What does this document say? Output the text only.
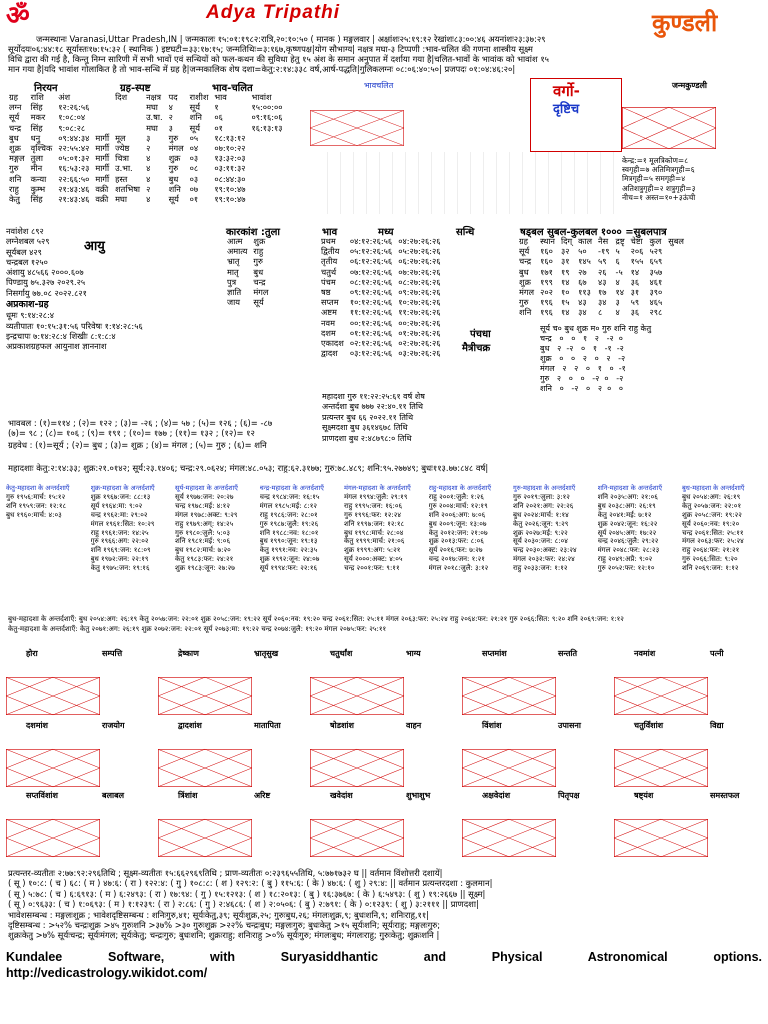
ॐ	Adya Tripathi	कुण्डली
जन्मस्थानः Varanasi,Uttar Pradesh,IN | जन्मकालः १५:०१:१९८२:रात्रि,२०:१०:५० ( मानक ) मङ्गलवार | अक्षांशः२५:१९:१२ रेखांशः८३:००:४६ अयनांशः२३:३७:२९
सूर्योदयः०६:४४:१८ सूर्यास्तः१७:१५:३२ ( स्थानिक ) इष्टघटी=३३:१७:१५; जन्मतिथिः=३:१६७,कृष्णपक्ष|योग सौभाग्य| नक्षत्र मघा-३ टिप्पणी :भाव-चलित की गणना शास्त्रीय सूक्ष्म
विधि द्वारा की गई है, किन्तु निम्न सारिणी में सभी भावों एवं सन्धियों को फल-कथन की सुविधा हेतु १५ अंश के समान अनुपात में दर्शाया गया है|चलित-भावों के भावांक को भावांश १५
मान गया है|यदि भावांश गोलाकित है तो भाव-सन्धि में ग्रह है|जन्मकालिक शेष दशा=केतु:२:१४:३३८ वर्ष,आर्ष-पद्धति|गुलिकलग्नः ०८:०६:४०:५०| प्रजपदः ०१:०४:४६:२०|
निरयन	ग्रह-स्पष्ट	भाव-चलित
ग्रह	राशि	अंश		दिश	नक्षत्र	पद	राशीश	भाव	भावांश
लग्न	सिंह	१२:२६:५६			मघा	४	सूर्य	१	१५:००:००
सूर्य	मकर	१:०८:०४			उ.षा.	२	शनि	०६	०९:१६:०६
चन्द्र	सिंह	९:०८:२८			मघा	३	सूर्य	०१	१६:१३:१३
बुध	धनु	०९:४४:३४	मार्गी	मूल	३	गुरु	०५	१८:१३:१२	
शुक्र	वृश्चिक	२२:५५:४२	मार्गी	ज्येष्ठ	२	मंगल	०४	०७:१०:२२	
मङ्गल	तुला	०५:०१:३२	मार्गी	चित्रा	४	शुक्र	०३	१३:३२:०३	
गुरु	मीन	१६:५३:२३	मार्गी	उ.भा.	४	गुरु	०८	०३:११:३२	
शनि	कन्या	२२:६६:५०	मार्गी	हस्त	४	बुध	०३	०८:४४:३०	
राहु	कुम्भ	२१:४३:४६	वक्री	शतभिषा	२	शनि	०७	१९:१०:४७	
केतु	सिंह	२१:४३:४६	वक्री	मघा	४	सूर्य	०१	१९:१०:४७	
भावचलित	वर्गो-
दृष्टिच
जन्मकुण्डली
केन्द्र:=१ मूलत्रिकोण=८
स्वगृही=७ अतिमित्रगृही=६
मित्रगृही=५ समगृही=४
अतिशत्रुगृही=२ शत्रुगृही=३
नीच=१ अस्त=१०+३ऊंची
नवांशेश ८९२
लग्नेशबल ५२९
सूर्यबल ४२९
चन्द्रबल १२५०
अंशायु ४८५६६ २०००.६०७
पिण्डायु ७५.३२७ २०२९.२५
निसर्गायु ७७.०८ २०२२.८२१
आयु
कारकांश :तुला
आत्म	शुक्र
अमात्य	राहु
भ्रातृ	गुरु
मातृ	बुध
पुत्र	चन्द्र
ज्ञाति	मंगल
जाय	सूर्य
अप्रकाश-ग्रह
धूमः ९:१४:२८:४
व्यतीपातः १०:१५:३१:५६ परिवेषः १:१४:२८:५६
इन्द्रचापः ७:१४:२८:४ शिखीः ८:१:८:४
अप्रकाशग्रहफल आयुनाश ज्ञाननाश
भाव	मध्य	सन्धि
प्रथम	०४:१२:२६:५६	०४:२७:२६:२६
द्वितीय	०५:१२:२६:५६	०५:२७:२६:२६
तृतीय	०६:१२:२६:५६	०६:२७:२६:२६
चतुर्थ	०७:१२:२६:५६	०७:२७:२६:२६
पंचम	०८:१२:२६:५६	०८:२७:२६:२६
षष्ठ	०९:१२:२६:५६	०९:२७:२६:२६
सप्तम	१०:१२:२६:५६	१०:२७:२६:२६
अष्टम	११:१२:२६:५६	११:२७:२६:२६
नवम	००:१२:२६:५६	००:२७:२६:२६
दशम	०१:१२:२६:५६	०१:२७:२६:२६
एकादश	०२:१२:२६:५६	०२:२७:२६:२६
द्वादश	०३:१२:२६:५६	०३:२७:२६:२६
षड्बल सुबल-कुलबल १००० =सुबलपात्र
ग्रह	स्थान	दिग्	काल	नैस	द्रष्टृ	चेष्टा	कुल	सुबल
सूर्य	१६०	३२	५०	-१९	५	२०६	५२९	
चन्द्र	१६०	३१	१४५	५९	६	१५५	६५९	
बुध	१७१	१९	२७	२६	-५	१४	३५७	
शुक्र	१९९	१४	६७	४३	४	३६	४६१	
मंगल	२०२	१०	११३	१७	१४	३१	३९०	
गुरु	१९६	१५	४३	३४	३	५९	४६५	
शनि	१९६	१४	३४	८	४	३६	२९८	
पंचधा
मैत्रीचक्र
सूर्य च० बुध शुक्र म० गुरु शनि राहु केतु
चन्द्र   ०   ०   १   २   -२  ०
बुध   २  -२   ०   १   -१  -२
शुक्र   ०   ०   २   ०   २   -२
मंगल   २   २   ०   १   ०  -१
गुरु   २   ०   ०   -२  ०   -२
शनि   ०   -२   ०   २  ०   ०
महादशा गुरु ११:२२:२५:६१ वर्ष शेष
अन्तर्दशा बुध ७७७ २२:४०.११ तिथि
प्रत्यन्तर बुध ६६ २०२२.११ तिथि
सूक्ष्मदशा बुध ३६१४६७८ तिथि
प्राणदशा बुध २:४८७९८:० तिथि
भावबल : (१)=११४ ; (२)= १२२ ; (३)= -२६ ; (४)= ५७ ; (५)= १२६ ; (६)= -८७
(७)= ९८ ; (८)= १०६ ; (९)= १९१ ; (१०)= १७७ ; (११)= १३२ ; (१२)= १२
ग्रहवेध : (१)=सूर्य ; (२)= बुध ; (३)= शुक्र ; (४)= मंगल ; (५)= गुरु ; (६)= शनि
महादशाः केतु:२:१४:३३; शुक्र:२१.०१४२; सूर्य:२३.१४०६; चन्द्र:२९.०६२४; मंगल:४८.०५३; राहु:६२.३१७७; गुरु:७८.४८९; शनि:९५.२७७४९; बुधः११३.७७:८४८ वर्ष|
केतु-महादशा के अन्तर्दशाएँ
गुरु १९५६:मार्च: १५:१२
शनि १९५९:जन: १२:१८
बुध १९६०:मार्च: ४:०३
शुक्र-महादशा के अन्तर्दशाएँ
शुक्र १९६७:जन: ८८:१३
सूर्य १९६४:मा: ९:०२
चन्द्र १९६२:मा: २९:०२
मंगल १९६१:सित: १०:२९
राहु १९६१:जन: १४:२५
गुरु १९६६:अग: २२:०२
शनि १९६९:जन: १८:०९
बुध १९७२:जन: २२:१९
केतु १९७५:जन: १९:१६
सूर्य-महादशा के अन्तर्दशाएँ
सूर्य १९७७:जन: २०:२७
चन्द्र १९७८:मई: ४:१२
मंगल १९७८:अक्ट: ९:२९
राहु १९७९:अग्: १४:२५
गुरु १९८०:जुलै: ५:०३
शनि १९८१:मई: ९:०६
बुध १९८२:मार्च: ७:२०
केतु १९८३:फर: २४:२१
शुक्र १९८३:जून: २७:२७
चन्द्र-महादशा के अन्तर्दशाएँ
चन्द्र १९८४:जन: १६:१५
मंगल १९८५:मई: ८:१२
राहु १९८६:जन: २८:०१
गुरु १९८७:जुलै: १९:२६
शनि १९८८:नव: १८:०१
बुध १९९०:जून: १९:१३
केतु १९९१:नव: २२:३५
शुक्र १९९२:जून: २४:०७
सूर्य १९९४:फर: २२:१६
मंगल-महादशा के अन्तर्दशाएँ
मंगल १९९४:जुलै: २९:१९
राहु १९९५:जन: १६:०६
गुरु १९९६:फर: १२:२४
शनि १९९७:जन: १२:१८
बुध १९९८:मार्च: २८:०४
केतु १९९९:मार्च: २१:०६
शुक्र १९९९:अग: ५:२१
सूर्य २०००:अक्ट: ४:०५
चन्द्र २००१:फर: ९:११
राहु-महादशा के अन्तर्दशाएँ
राहु २००१:जुलै: १:२६
गुरु २००४:मार्च: १२:१९
शनि २००६:अग: ७:०६
बुध २००९:जून: १३:०७
केतु २०१२:जन: २१:०७
शुक्र २०१३:फर: ८:०६
सूर्य २०१६:फर: ७:२७
चन्द्र २०१७:जन: १:२१
मंगल २०१८:जुलै: ३:१२
गुरु-महादशा के अन्तर्दशाएँ
गुरु २०१९:जुला: ३:१२
शनि २०२१:अग: २२:२६
बुध २०२४:मार्च: १:१४
केतु २०२६:जून: ९:२९
शुक्र २०२७:मई: ९:२२
सूर्य २०३०:जन: ८:०४
चन्द्र २०३०:अक्ट: २३:२४
मंगल २०३२:फर: २४:२४
राहु २०३३:जन: १:१२
शनि-महादशा के अन्तर्दशाएँ
शनि २०३५:अग: २१:०६
बुध २०३८:अग: २६:१९
केतु २०४१:मई: ७:१२
शुक्र २०४२:जून: १६:२२
सूर्य २०४५:अग: १७:२२
चन्द्र २०४६:जुलै: २९:२२
मंगल २०४८:फर: २८:२३
राहु २०४९:अप्रै: ९:०२
गुरु २०५२:फर: १२:१०
बुध-महादशा के अन्तर्दशाएँ
बुध २०५४:अग: २६:१९
केतु २०५७:जन: २२:०१
शुक्र २०५८:जन: १९:२२
सूर्य २०६०:नव: १९:२०
चन्द्र २०६१:सित: २५:११
मंगल २०६३:फर: २५:२४
राहु २०६४:फर: २१:२१
गुरु २०६६:सित: ९:२०
शनि २०६९:जन: १:१२
बुध-महादशा के अन्तर्दशाएँ: बुध २०५४:अग: २६:१९ केतु २०५७:जन: २२:०१ शुक्र २०५८:जन: १९:२२ सूर्य २०६०:नव: १९:२० चन्द्र २०६१:सित: २५:११ मंगल २०६३:फर: २५:२४ राहु २०६४:फर: २१:२१ गुरु २०६६:सित: ९:२० शनि २०६९:जन: १:१२
केतु-महादशा के अन्तर्दशाएँ: केतु २०७१:अग: २६:१९ शुक्र २०७२:जन: २२:०१ सूर्य २०७३:मा: १९:२२ चन्द्र २०७४:जुलै: १९:२० मंगल २०७५:फर: २५:११
होरा	सम्पत्ति	द्रेष्काण	भ्रातृसुख	चतुर्थांश	भाग्य	सप्तमांश	सन्तति	नवमांश	पत्नी
दशमांश	राजयोग	द्वादशांश	मातापिता	षोडशांश	वाहन	विंशांश	उपासना	चतुर्विंशांश	विद्या
सप्तविंशांश	बलाबल	त्रिंशांश	अरिष्ट	खवेदांश	शुभाशुभ	अक्षवेदांश	पितृपक्ष	षष्ट्यंश	समस्तफल
प्रत्यन्तर-व्यतीतः २:७७:९२:२९६तिथि ; सूक्ष्म-व्यतीतः १५:६६२९६९तिथि ; प्राण-व्यतीतः ०:२३९६५५तिथि, ५:७७१७३२ घ || वर्तमान विंशोत्तरी दशायें|
( सू ) १०:८: ( च ) ६८: ( म ) ४७:६: ( रा ) १२२:४: ( गु ) १०८:८: ( श ) १२९:२: ( बु ) ११५:६: ( के ) ४७:६: ( शु ) २९:४: || वर्तमान प्रत्यन्तरदशा : कुलमान|
( सू ) ५:७८: ( च ) ६:६९१३: ( म ) ६:२४९३: ( रा ) १७:९४: ( गु ) १५:१२१३: ( श ) १८:२०१३: ( बु ) १६:३७६७: ( के ) ६:५४९३: ( शु ) १९:२६६७ || सूक्ष्म|
( सू ) ०:९६३३: ( च ) १:०६९३: ( म ) १:१२३९: ( रा ) २:८६: ( गु ) २:४६८६: ( श ) २:०५०६: ( बु ) २:७९१: ( के ) ०:१२३९: ( शु ) ३:२१११ || प्राणदशा|
भावेशसम्बन्ध : मङ्गलःशुक्र ; भावेशदृष्टिसम्बन्ध : शनिःगुरु,४१; सूर्यःकेतु,३९; सूर्यःशुक्र,२५; गुरुःबुध,२६; मंगलःशुक्र,९; बुधःशनि,९; शनिःराहु,११|
दृष्टिसम्बन्ध : >५२% चन्द्रःशुक्र >४५ गुरुःशनि >३७% >३० गुरुःशुक्र >२२% चन्द्रःबुध; मङ्गलःगुरु; बुधःकेतु >१५ सूर्यःशनि; सूर्यःराहु; मङ्गलःगुरु;
शुक्रःकेतु >७% सूर्यःचन्द्र; सूर्यःमंगल; सूर्यःकेतु; चन्द्रःगुरु; बुधःशनि; शुक्रःराहु; शनिःराहु >०% सूर्यःगुरु; मंगलःबुध; मंगलःराहु; गुरुःकेतु; शुक्रःशनि |
Kundalee Software, with Suryasiddhantic and Physical Astronomical options.
http://vedicastrology.wikidot.com/
